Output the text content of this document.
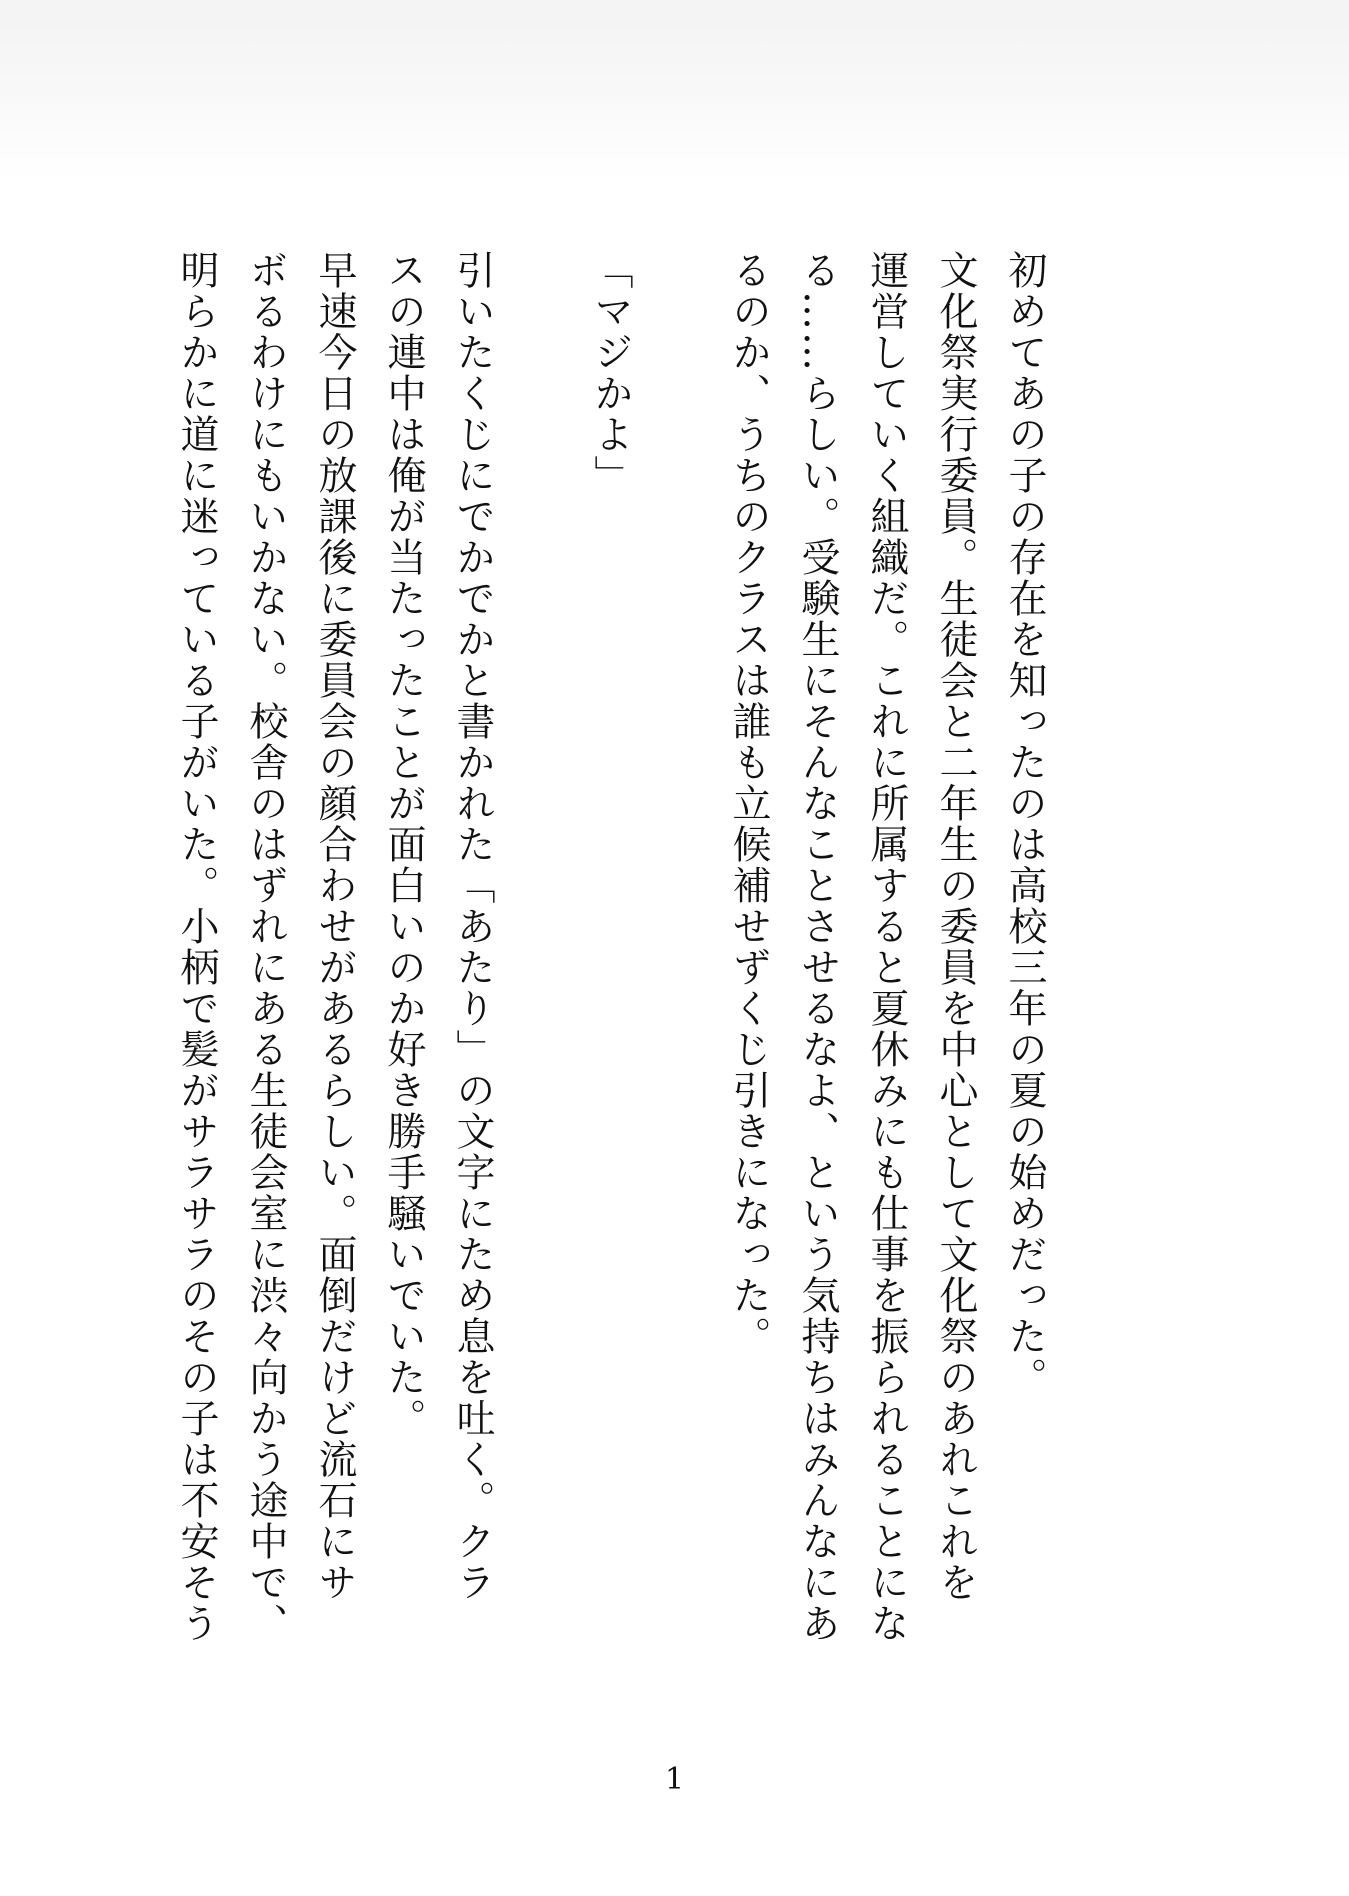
初めてあの子の存在を知ったのは高校三年の夏の始めだった。
文化祭実行委員。生徒会と二年生の委員を中心として文化祭のあれこれを
運営していく組織だ。これに所属すると夏休みにも仕事を振られることにな
る……らしい。受験生にそんなことさせるなよ、という気持ちはみんなにあ
るのか、うちのクラスは誰も立候補せずくじ引きになった。
「マジかよ」
引いたくじにでかでかと書かれた「あたり」の文字にため息を吐く。クラ
スの連中は俺が当たったことが面白いのか好き勝手騒いでいた。
早速今日の放課後に委員会の顔合わせがあるらしい。面倒だけど流石にサ
ボるわけにもいかない。校舎のはずれにある生徒会室に渋々向かう途中で、
明らかに道に迷っている子がいた。小柄で髪がサラサラのその子は不安そう
1
